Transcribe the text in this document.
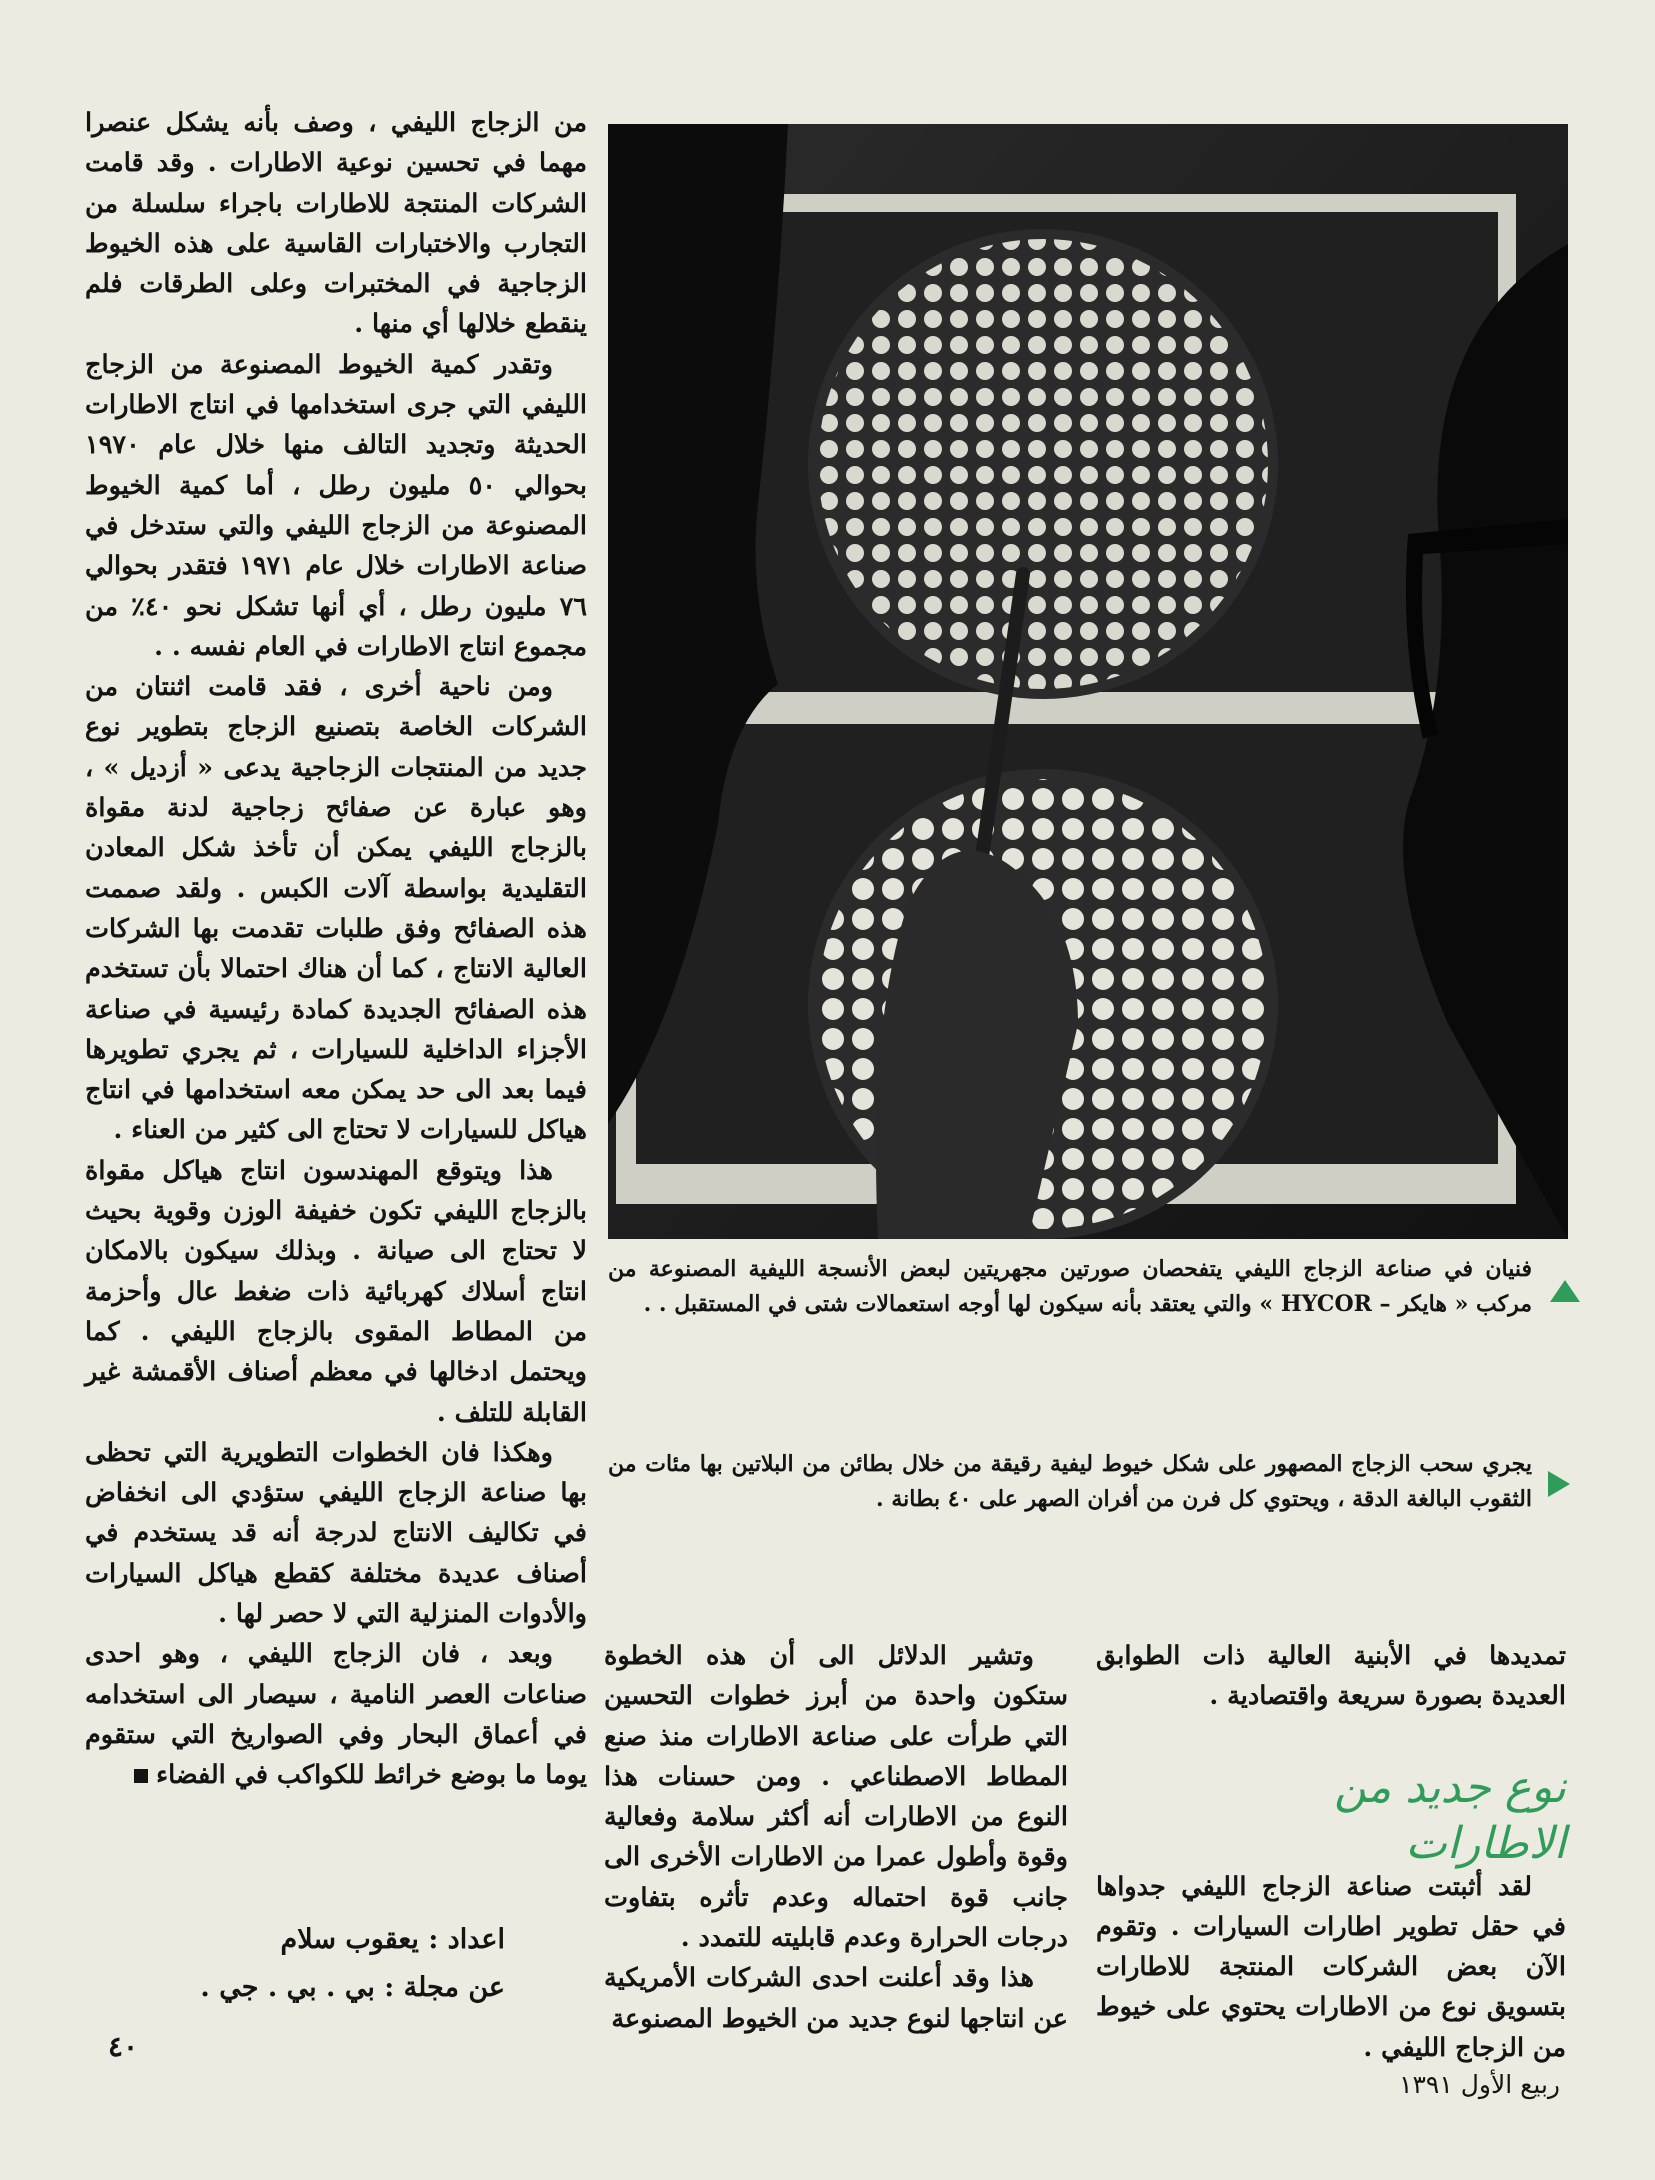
من الزجاج الليفي ، وصف بأنه يشكل عنصرا مهما في تحسين نوعية الاطارات . وقد قامت الشركات المنتجة للاطارات باجراء سلسلة من التجارب والاختبارات القاسية على هذه الخيوط الزجاجية في المختبرات وعلى الطرقات فلم ينقطع خلالها أي منها .

وتقدر كمية الخيوط المصنوعة من الزجاج الليفي التي جرى استخدامها في انتاج الاطارات الحديثة وتجديد التالف منها خلال عام ١٩٧٠ بحوالي ٥٠ مليون رطل ، أما كمية الخيوط المصنوعة من الزجاج الليفي والتي ستدخل في صناعة الاطارات خلال عام ١٩٧١ فتقدر بحوالي ٧٦ مليون رطل ، أي أنها تشكل نحو ٤٠٪ من مجموع انتاج الاطارات في العام نفسه . .

ومن ناحية أخرى ، فقد قامت اثنتان من الشركات الخاصة بتصنيع الزجاج بتطوير نوع جديد من المنتجات الزجاجية يدعى « أزديل » ، وهو عبارة عن صفائح زجاجية لدنة مقواة بالزجاج الليفي يمكن أن تأخذ شكل المعادن التقليدية بواسطة آلات الكبس . ولقد صممت هذه الصفائح وفق طلبات تقدمت بها الشركات العالية الانتاج ، كما أن هناك احتمالا بأن تستخدم هذه الصفائح الجديدة كمادة رئيسية في صناعة الأجزاء الداخلية للسيارات ، ثم يجري تطويرها فيما بعد الى حد يمكن معه استخدامها في انتاج هياكل للسيارات لا تحتاج الى كثير من العناء .

هذا ويتوقع المهندسون انتاج هياكل مقواة بالزجاج الليفي تكون خفيفة الوزن وقوية بحيث لا تحتاج الى صيانة . وبذلك سيكون بالامكان انتاج أسلاك كهربائية ذات ضغط عال وأحزمة من المطاط المقوى بالزجاج الليفي . كما ويحتمل ادخالها في معظم أصناف الأقمشة غير القابلة للتلف .

وهكذا فان الخطوات التطويرية التي تحظى بها صناعة الزجاج الليفي ستؤدي الى انخفاض في تكاليف الانتاج لدرجة أنه قد يستخدم في أصناف عديدة مختلفة كقطع هياكل السيارات والأدوات المنزلية التي لا حصر لها .

وبعد ، فان الزجاج الليفي ، وهو احدى صناعات العصر النامية ، سيصار الى استخدامه في أعماق البحار وفي الصواريخ التي ستقوم يوما ما بوضع خرائط للكواكب في الفضاء

فنيان في صناعة الزجاج الليفي يتفحصان صورتين مجهريتين لبعض الأنسجة الليفية المصنوعة من مركب « هايكر – HYCOR » والتي يعتقد بأنه سيكون لها أوجه استعمالات شتى في المستقبل . .
يجري سحب الزجاج المصهور على شكل خيوط ليفية رقيقة من خلال بطائن من البلاتين بها مئات من الثقوب البالغة الدقة ، ويحتوي كل فرن من أفران الصهر على ٤٠ بطانة .

وتشير الدلائل الى أن هذه الخطوة ستكون واحدة من أبرز خطوات التحسين التي طرأت على صناعة الاطارات منذ صنع المطاط الاصطناعي . ومن حسنات هذا النوع من الاطارات أنه أكثر سلامة وفعالية وقوة وأطول عمرا من الاطارات الأخرى الى جانب قوة احتماله وعدم تأثره بتفاوت درجات الحرارة وعدم قابليته للتمدد .

هذا وقد أعلنت احدى الشركات الأمريكية عن انتاجها لنوع جديد من الخيوط المصنوعة

تمديدها في الأبنية العالية ذات الطوابق العديدة بصورة سريعة واقتصادية .

لقد أثبتت صناعة الزجاج الليفي جدواها في حقل تطوير اطارات السيارات . وتقوم الآن بعض الشركات المنتجة للاطارات بتسويق نوع من الاطارات يحتوي على خيوط من الزجاج الليفي .

نوع جديد من الاطارات
اعداد : يعقوب سلام
عن مجلة : بي . بي . جي .
٤٠
ربيع الأول ١٣٩١
